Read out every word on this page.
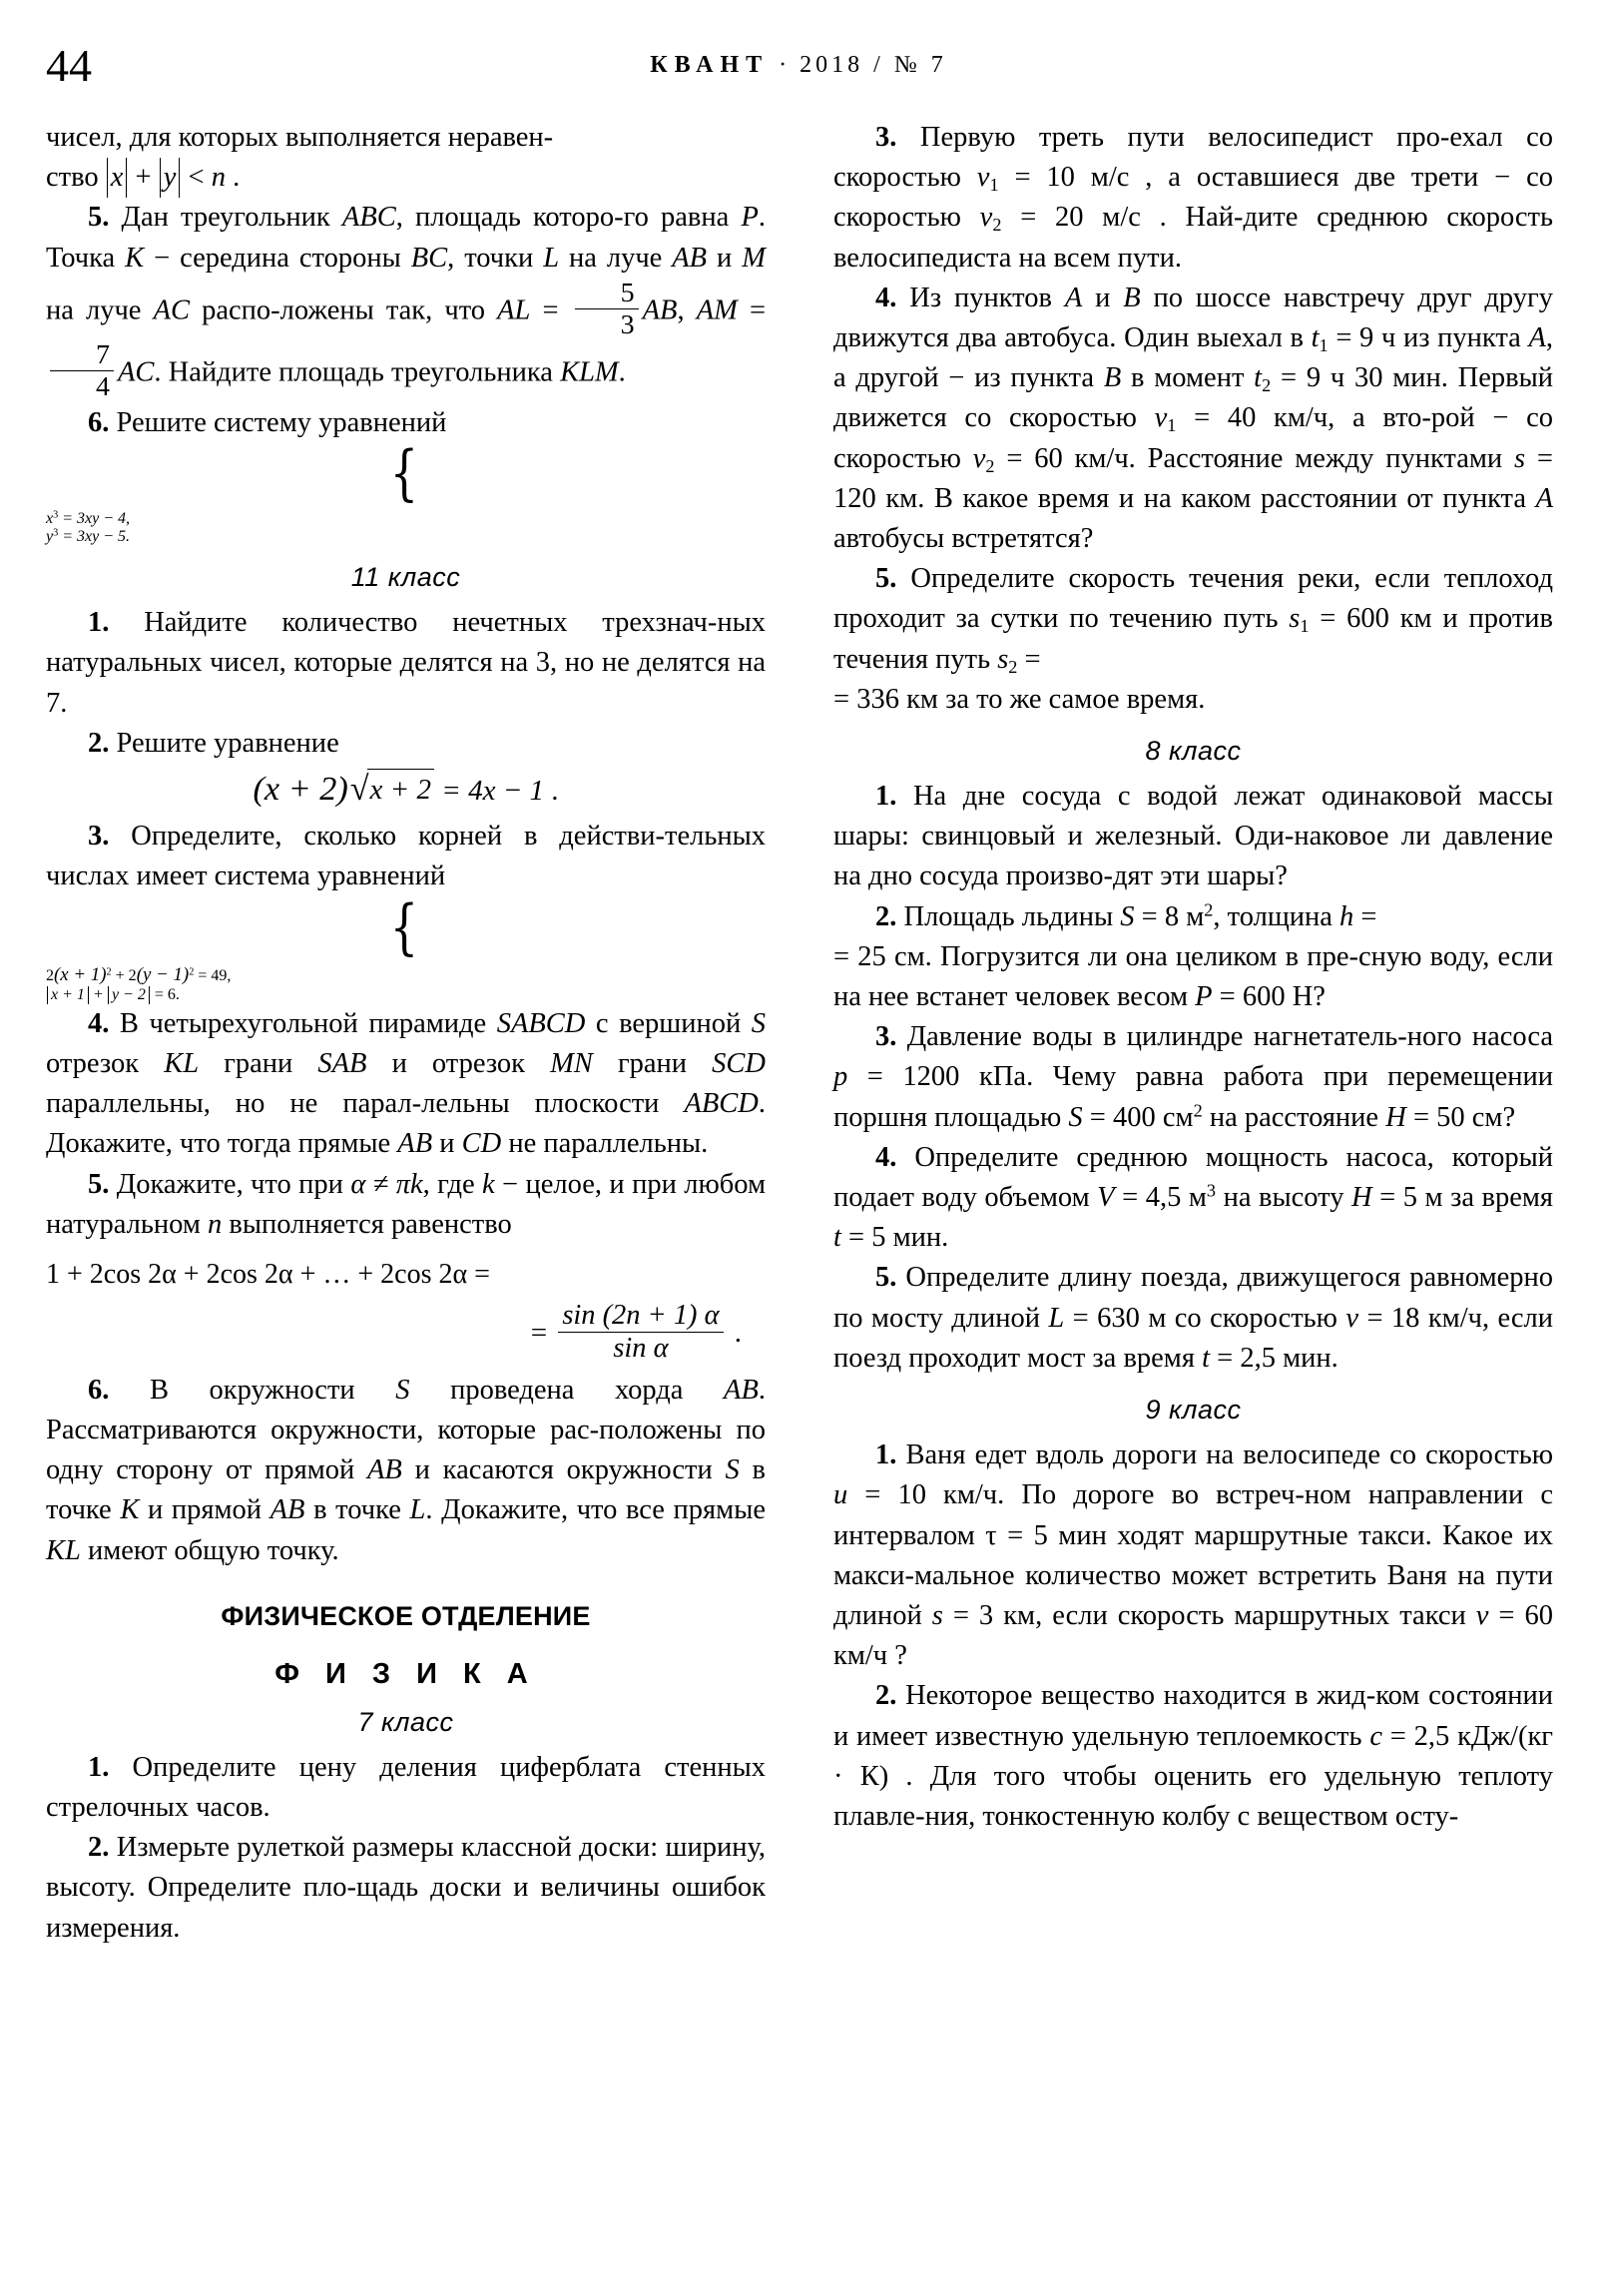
44	КВАНТ · 2018 / № 7

чисел, для которых выполняется неравен-
ство x + y < n .

5. Дан треугольник ABC, площадь которо-го равна P. Точка K − середина стороны BC, точки L на луче AB и M на луче AC распо-ложены так, что AL = $\frac{5}{3}$ AB, AM =
$\frac{7}{4}$ AC. Найдите площадь треугольника KLM.

6. Решите систему уравнений

{

$x^3 = 3xy - 4$,
$y^3 = 3xy - 5$.

11 класс

1. Найдите количество нечетных трехзнач-ных натуральных чисел, которые делятся на 3, но не делятся на 7.

2. Решите уравнение

(x + 2)√x + 2 = 4x − 1 .

3. Определите, сколько корней в действи-тельных числах имеет система уравнений

{

$2(x + 1)^2 + 2(y - 1)^2 = 49$,
x + 1 + y − 2 = 6.

4. В четырехугольной пирамиде SABCD с вершиной S отрезок KL грани SAB и отрезок MN грани SCD параллельны, но не парал-лельны плоскости ABCD. Докажите, что тогда прямые AB и CD не параллельны.

5. Докажите, что при α ≠ πk, где k − целое, и при любом натуральном n выполняется равенство

1 + 2cos 2α + 2cos 2α + … + 2cos 2α =

= $\frac{\sin (2n + 1) \alpha}{\text{sin α}}$ .

6. В окружности S проведена хорда AB. Рассматриваются окружности, которые рас-положены по одну сторону от прямой AB и касаются окружности S в точке K и прямой AB в точке L. Докажите, что все прямые KL имеют общую точку.

ФИЗИЧЕСКОЕ ОТДЕЛЕНИЕ
Ф И З И К А
7 класс

1. Определите цену деления циферблата стенных стрелочных часов.

2. Измерьте рулеткой размеры классной доски: ширину, высоту. Определите пло-щадь доски и величины ошибок измерения.

3. Первую треть пути велосипедист про-ехал со скоростью $v_1 = 10$ м/с , а оставшиеся две трети − со скоростью $v_2 = 20$ м/с . Най-дите среднюю скорость велосипедиста на всем пути.

4. Из пунктов A и B по шоссе навстречу друг другу движутся два автобуса. Один выехал в $t_1 = 9$ ч из пункта A, а другой − из пункта B в момент $t_2 = 9$ ч 30 мин. Первый движется со скоростью $v_1 = 40$ км/ч, а вто-рой − со скоростью $v_2 = 60$ км/ч. Расстояние между пунктами s = 120 км. В какое время и на каком расстоянии от пункта A автобусы встретятся?

5. Определите скорость течения реки, если теплоход проходит за сутки по течению путь $s_1 = 600$ км и против течения путь $s_2$ =
= 336 км за то же самое время.

8 класс

1. На дне сосуда с водой лежат одинаковой массы шары: свинцовый и железный. Оди-наковое ли давление на дно сосуда произво-дят эти шары?

2. Площадь льдины S = 8 $м^2$, толщина h =
= 25 см. Погрузится ли она целиком в пре-сную воду, если на нее встанет человек весом P = 600 Н?

3. Давление воды в цилиндре нагнетатель-ного насоса p = 1200 кПа. Чему равна работа при перемещении поршня площадью S = 400 $см^2$ на расстояние H = 50 см?

4. Определите среднюю мощность насоса, который подает воду объемом V = 4,5 $м^3$ на высоту H = 5 м за время t = 5 мин.

5. Определите длину поезда, движущегося равномерно по мосту длиной L = 630 м со скоростью v = 18 км/ч, если поезд проходит мост за время t = 2,5 мин.

9 класс

1. Ваня едет вдоль дороги на велосипеде со скоростью u = 10 км/ч. По дороге во встреч-ном направлении с интервалом τ = 5 мин ходят маршрутные такси. Какое их макси-мальное количество может встретить Ваня на пути длиной s = 3 км, если скорость маршрутных такси v = 60 км/ч ?

2. Некоторое вещество находится в жид-ком состоянии и имеет известную удельную теплоемкость c = 2,5 кДж/(кг · К) . Для того чтобы оценить его удельную теплоту плавле-ния, тонкостенную колбу с веществом осту-
